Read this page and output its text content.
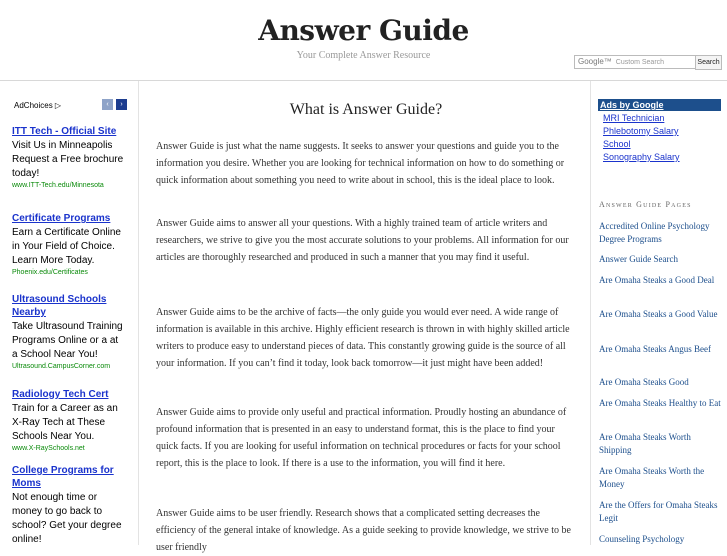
Answer Guide
Your Complete Answer Resource
Google™ Custom Search	Search
AdChoices ▷	‹	›
ITT Tech - Official Site
Visit Us in Minneapolis Request a Free brochure today!
www.ITT-Tech.edu/Minnesota
Certificate Programs
Earn a Certificate Online in Your Field of Choice. Learn More Today.
Phoenix.edu/Certificates
Ultrasound Schools Nearby
Take Ultrasound Training Programs Online or a at a School Near You!
Ultrasound.CampusCorner.com
Radiology Tech Cert
Train for a Career as an X-Ray Tech at These Schools Near You.
www.X-RaySchools.net
College Programs for Moms
Not enough time or money to go back to school? Get your degree online!
What is Answer Guide?

Answer Guide is just what the name suggests. It seeks to answer your questions and guide you to the information you desire. Whether you are looking for technical information on how to do something or quick information about something you need to write about in school, this is the ideal place to look.

Answer Guide aims to answer all your questions. With a highly trained team of article writers and researchers, we strive to give you the most accurate solutions to your problems. All information for our articles are thoroughly researched and produced in such a manner that you may find it useful.

Answer Guide aims to be the archive of facts—the only guide you would ever need. A wide range of information is available in this archive. Highly efficient research is thrown in with highly skilled article writers to produce easy to understand pieces of data. This constantly growing guide is the source of all your information. If you can’t find it today, look back tomorrow—it just might have been added!

Answer Guide aims to provide only useful and practical information. Proudly hosting an abundance of profound information that is presented in an easy to understand format, this is the place to find your quick facts. If you are looking for useful information on technical procedures or facts for your school report, this is the place to look. If there is a use to the information, you will find it here.

Answer Guide aims to be user friendly. Research shows that a complicated setting decreases the efficiency of the general intake of knowledge. As a guide seeking to provide knowledge, we strive to be user friendly

Ads by Google
MRI Technician
Phlebotomy Salary
School
Sonography Salary
Answer Guide Pages
Accredited Online Psychology Degree Programs
Answer Guide Search
Are Omaha Steaks a Good Deal
Are Omaha Steaks a Good Value
Are Omaha Steaks Angus Beef
Are Omaha Steaks Good
Are Omaha Steaks Healthy to Eat
Are Omaha Steaks Worth Shipping
Are Omaha Steaks Worth the Money
Are the Offers for Omaha Steaks Legit
Counseling Psychology
